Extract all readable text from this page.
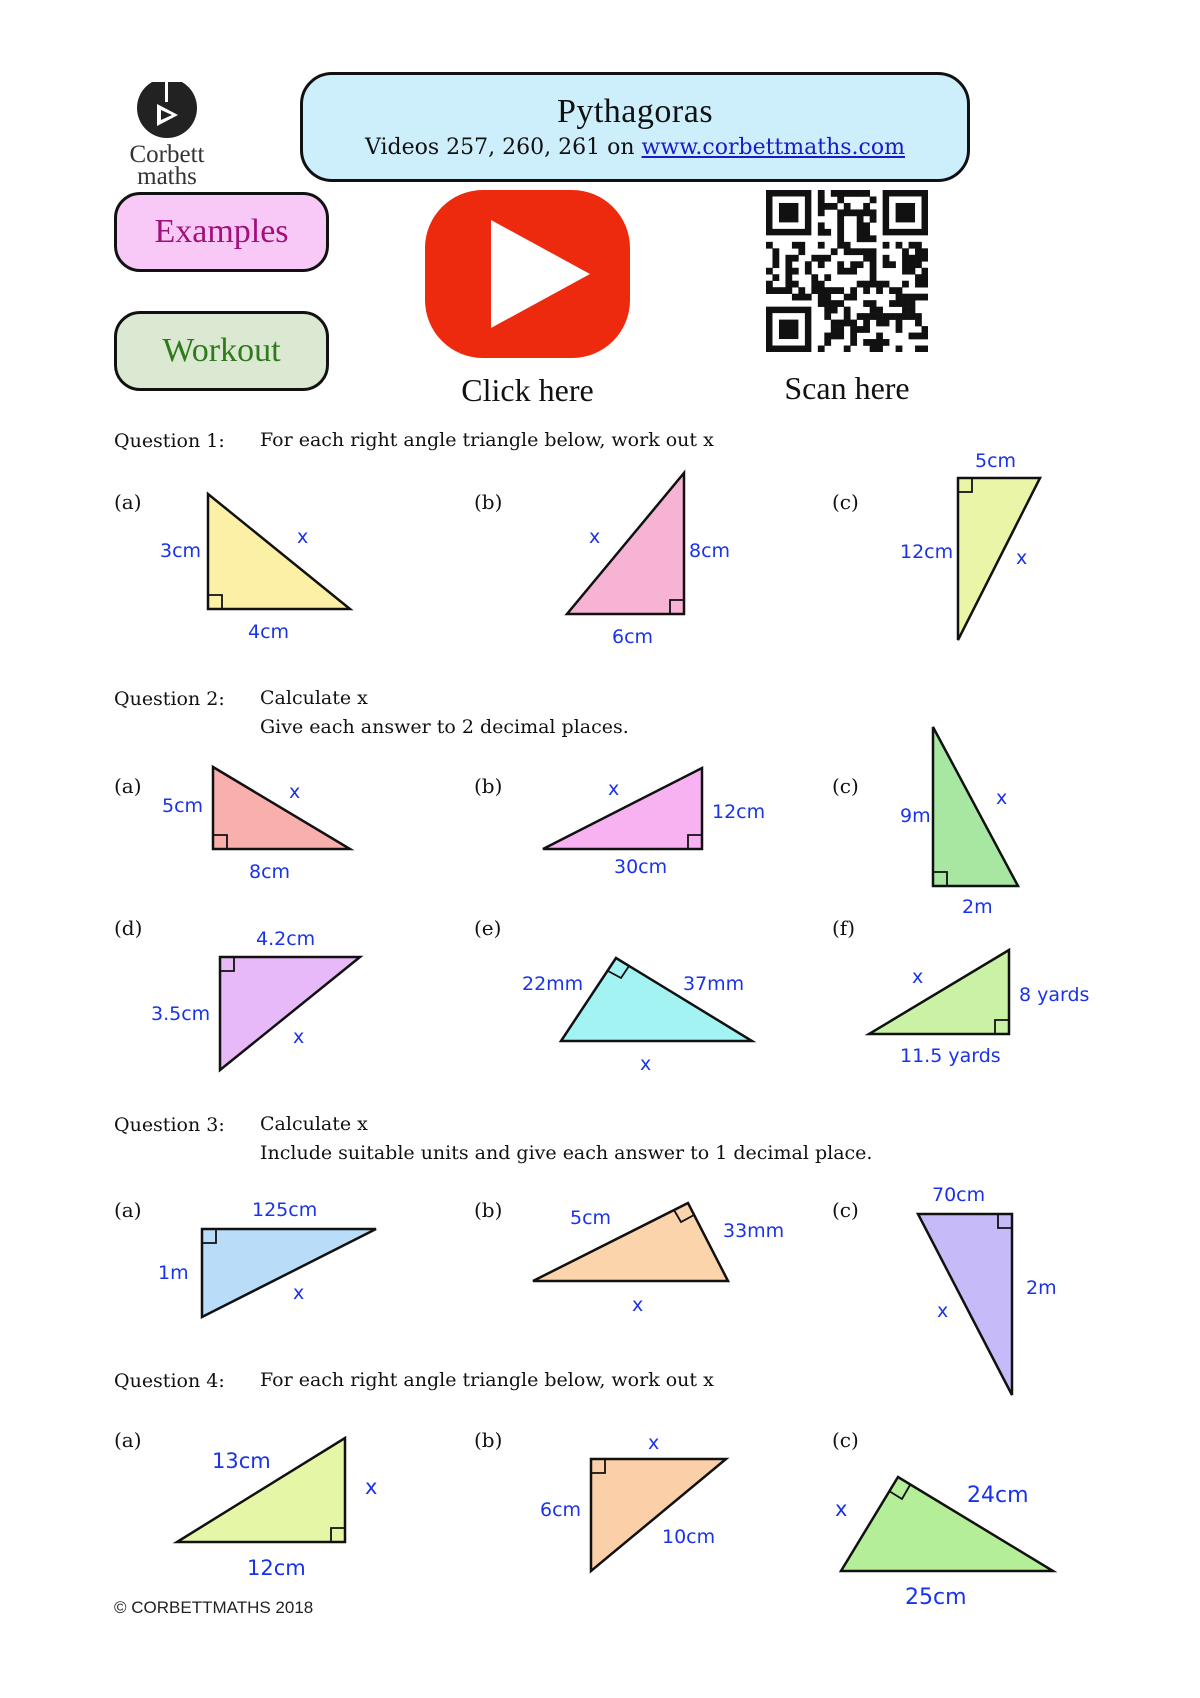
Corbett
maths
Pythagoras
Videos 257, 260, 261 on www.corbettmaths.com
Examples
Workout
Click here	Scan here
Question 1: For each right angle triangle below, work out x
(a)	(b)	(c)
Question 2: Calculate x
Give each answer to 2 decimal places.
(a)	(b)	(c)
(d)	(e)	(f)
Question 3: Calculate x
Include suitable units and give each answer to 1 decimal place.
(a)	(b)	(c)
Question 4: For each right angle triangle below, work out x
(a)	(b)	(c)
3cm
x
4cm
x
8cm
6cm
5cm
12cm	x
5cm
x
8cm
x
12cm
30cm
9m
x
2m
4.2cm
3.5cm
x
22mm	37mm
x
x
8 yards
11.5 yards
125cm
1m
x
5cm
33mm
x
70cm
2m
x
13cm
x
12cm
x
6cm
10cm
x
24cm
25cm
© CORBETTMATHS 2018
